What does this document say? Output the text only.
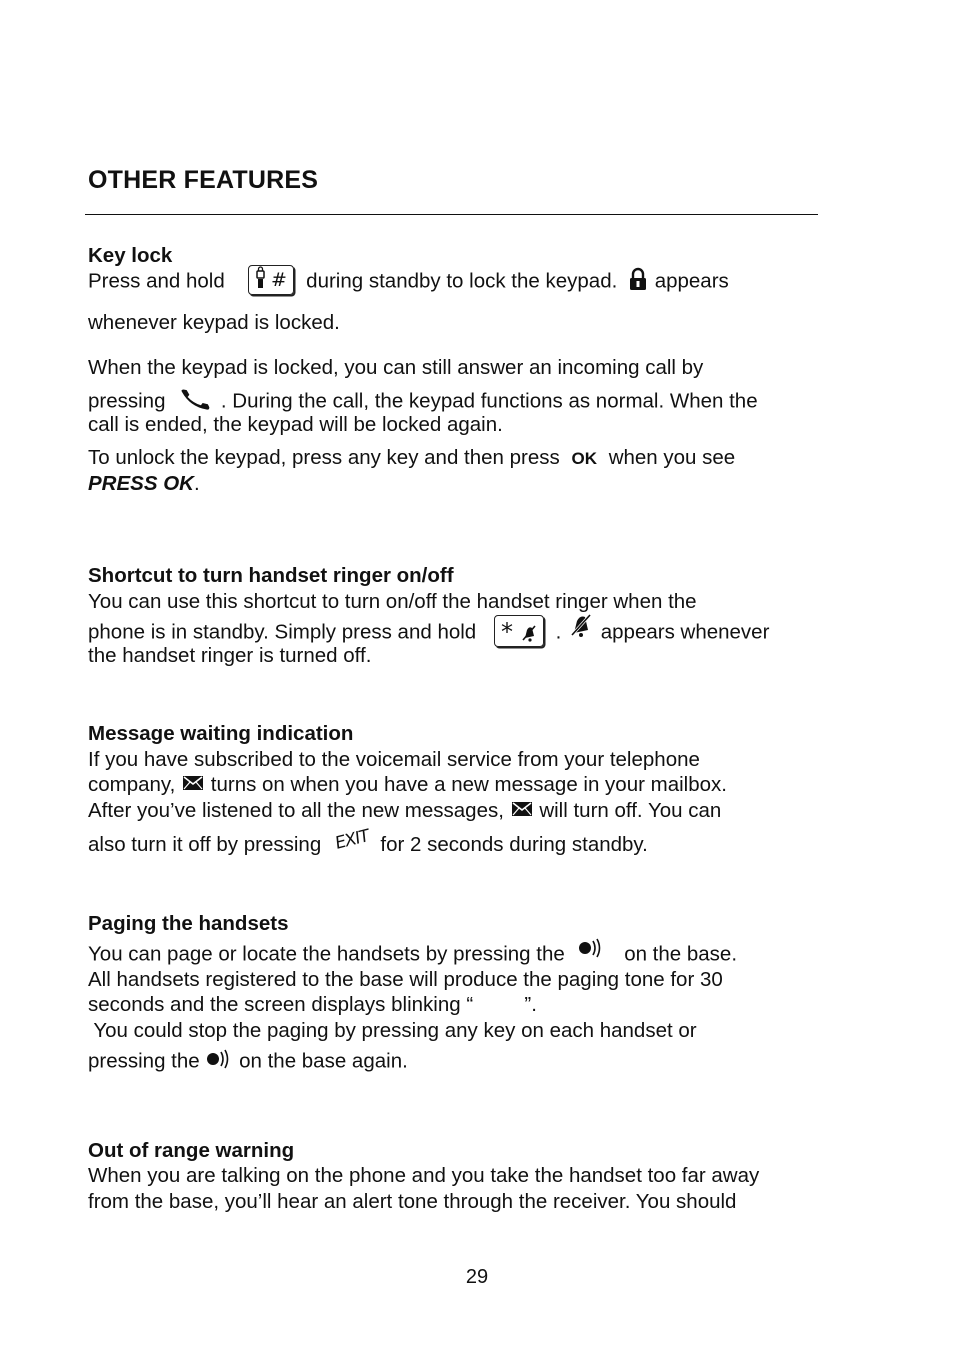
OTHER FEATURES
Key lock
Press and hold # during standby to lock the keypad. appears
whenever keypad is locked.
When the keypad is locked, you can still answer an incoming call by
pressing	. During the call, the keypad functions as normal. When the
call is ended, the keypad will be locked again.
To unlock the keypad, press any key and then press OK when you see
PRESS OK.
Shortcut to turn handset ringer on/off
You can use this shortcut to turn on/off the handset ringer when the
phone is in standby. Simply press and hold * . appears whenever
the handset ringer is turned off.
Message waiting indication
If you have subscribed to the voicemail service from your telephone
company, turns on when you have a new message in your mailbox.
After you’ve listened to all the new messages, will turn off. You can
also turn it off by pressing EXIT for 2 seconds during standby.
Paging the handsets
You can page or locate the handsets by pressing the	on the base.
All handsets registered to the base will produce the paging tone for 30
seconds and the screen displays blinking “         ”.
You could stop the paging by pressing any key on each handset or
pressing the on the base again.
Out of range warning
When you are talking on the phone and you take the handset too far away
from the base, you’ll hear an alert tone through the receiver. You should
29
